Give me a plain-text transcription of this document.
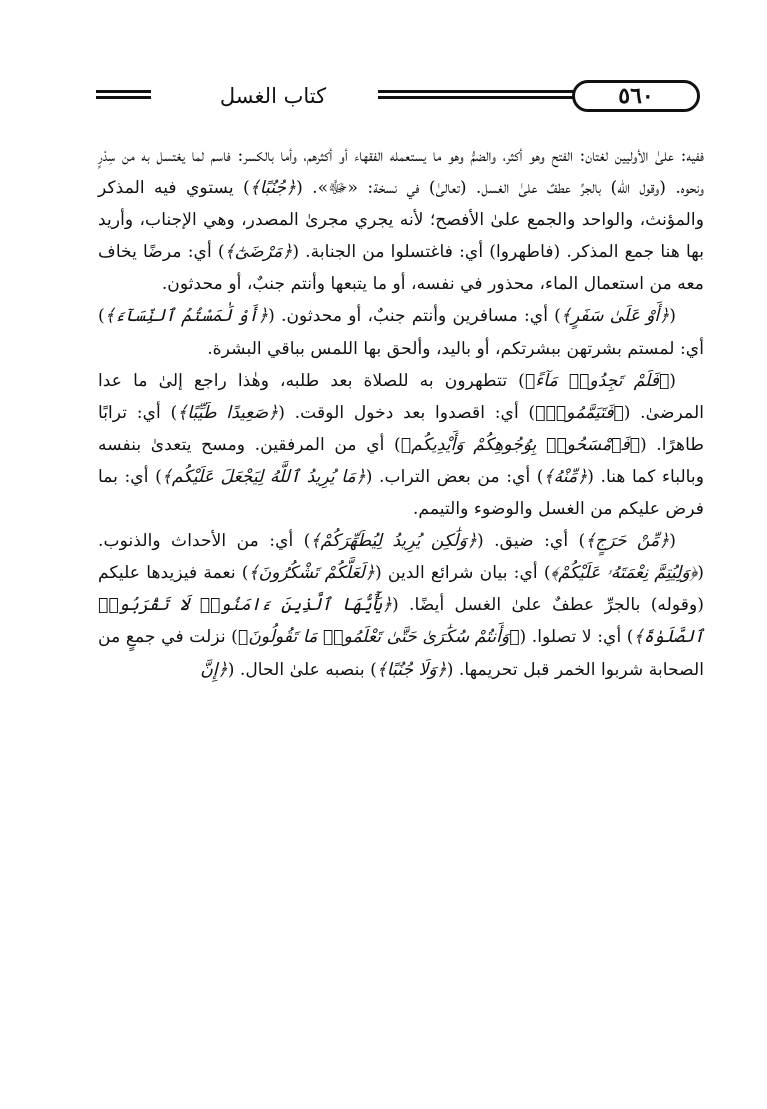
كتاب الغسل	٥٦٠

ففيه: علىٰ الأوليين لغتان: الفتح وهو أكثر، والضمُّ وهو ما يستعمله الفقهاء أو أكثرهم، وأما بالكسر: فاسم لما يغتسل به من سِدْرٍ ونحوه. (وقول الله) بالجرِّ عطفٌ علىٰ الغسل. (تعالىٰ) في نسخة: «ﷻ». (﴿جُنُبًا﴾) يستوي فيه المذكر والمؤنث، والواحد والجمع علىٰ الأفصح؛ لأنه يجري مجرىٰ المصدر، وهي الإجناب، وأريد بها هنا جمع المذكر. (فاطهروا) أي: فاغتسلوا من الجنابة. (﴿مَرْضَىٰٓ﴾) أي: مرضًا يخاف معه من استعمال الماء، محذور في نفسه، أو ما يتبعها وأنتم جنبٌ، أو محدثون.

(﴿أَوْ عَلَىٰ سَفَرٍ﴾) أي: مسافرين وأنتم جنبٌ، أو محدثون. (﴿أَوْ لَٰمَسْتُمُ ٱلنِّسَآءَ﴾) أي: لمستم بشرتهن ببشرتكم، أو باليد، وألحق بها اللمس بباقي البشرة.

(﴿فَلَمْ تَجِدُوا۟ مَآءً﴾) تتطهرون به للصلاة بعد طلبه، وهٰذا راجع إلىٰ ما عدا المرضىٰ. (﴿فَتَيَمَّمُوا۟﴾) أي: اقصدوا بعد دخول الوقت. (﴿صَعِيدًا طَيِّبًا﴾) أي: ترابًا طاهرًا. (﴿فَٱمْسَحُوا۟ بِوُجُوهِكُمْ وَأَيْدِيكُم﴾) أي من المرفقين. ومسح يتعدىٰ بنفسه وبالباء كما هنا. (﴿مِّنْهُ﴾) أي: من بعض التراب. (﴿مَا يُرِيدُ ٱللَّهُ لِيَجْعَلَ عَلَيْكُم﴾) أي: بما فرض عليكم من الغسل والوضوء والتيمم.

(﴿مِّنْ حَرَجٍ﴾) أي: ضيق. (﴿وَلَٰكِن يُرِيدُ لِيُطَهِّرَكُمْ﴾) أي: من الأحداث والذنوب. (﴿وَلِيُتِمَّ نِعْمَتَهُۥ عَلَيْكُمْ﴾) أي: بيان شرائع الدين (﴿لَعَلَّكُمْ تَشْكُرُونَ﴾) نعمة فيزيدها عليكم (وقوله) بالجرِّ عطفٌ علىٰ الغسل أيضًا. (﴿يَٰٓأَيُّهَا ٱلَّذِينَ ءَامَنُوا۟ لَا تَقْرَبُوا۟ ٱلصَّلَوٰةَ﴾) أي: لا تصلوا. (﴿وَأَنتُمْ سُكَٰرَىٰ حَتَّىٰ تَعْلَمُوا۟ مَا تَقُولُونَ﴾) نزلت في جمعٍ من الصحابة شربوا الخمر قبل تحريمها. (﴿وَلَا جُنُبًا﴾) بنصبه علىٰ الحال. (﴿إِنَّ
